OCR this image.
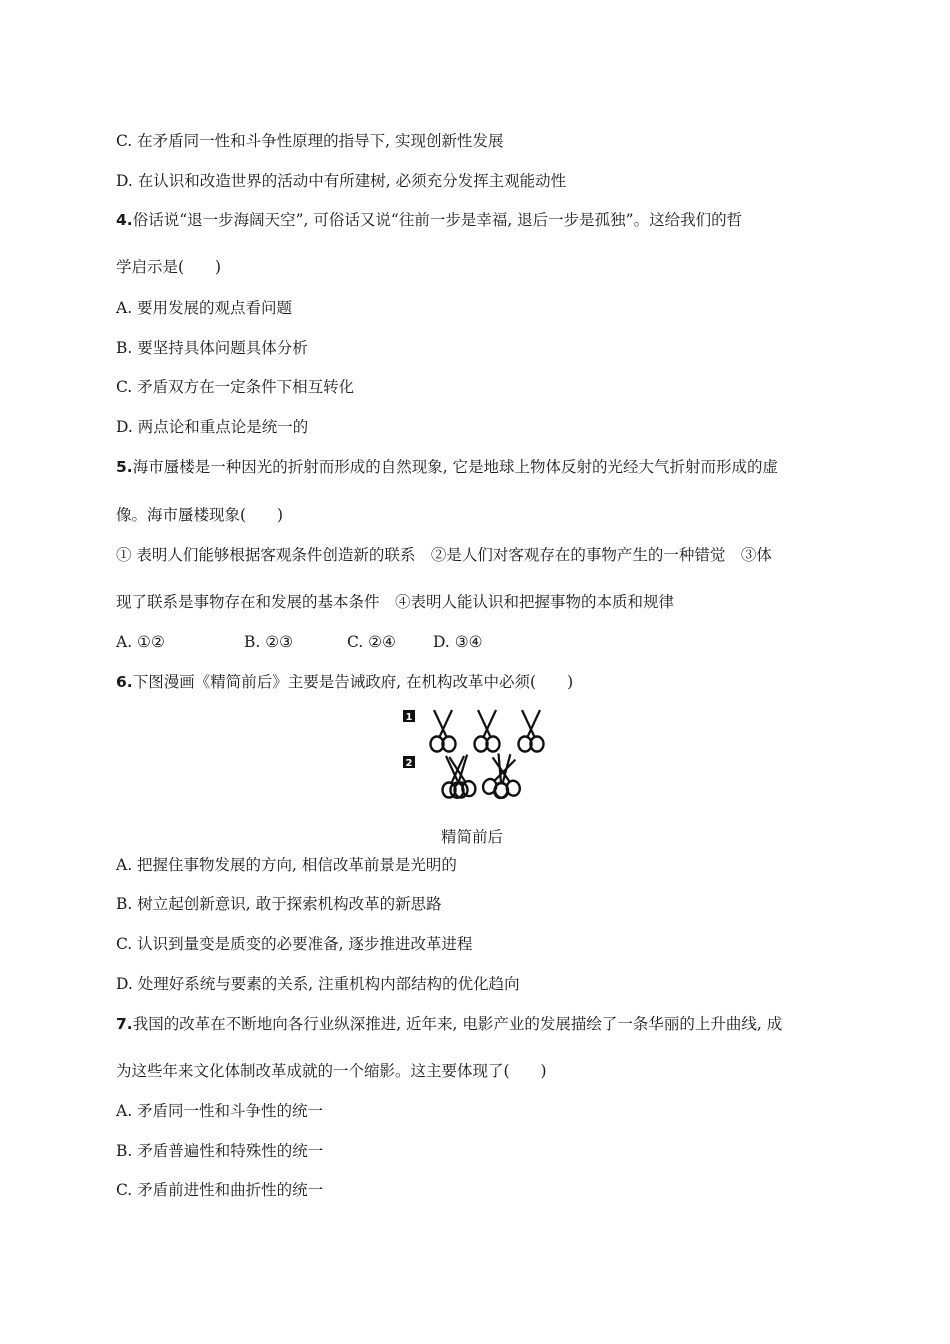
C. 在矛盾同一性和斗争性原理的指导下, 实现创新性发展
D. 在认识和改造世界的活动中有所建树, 必须充分发挥主观能动性
4.俗话说“退一步海阔天空”, 可俗话又说“往前一步是幸福, 退后一步是孤独”。这给我们的哲
学启示是(　　)
A. 要用发展的观点看问题
B. 要坚持具体问题具体分析
C. 矛盾双方在一定条件下相互转化
D. 两点论和重点论是统一的
5.海市蜃楼是一种因光的折射而形成的自然现象, 它是地球上物体反射的光经大气折射而形成的虚
像。海市蜃楼现象(　　)
① 表明人们能够根据客观条件创造新的联系　②是人们对客观存在的事物产生的一种错觉　③体
现了联系是事物存在和发展的基本条件　④表明人能认识和把握事物的本质和规律
A. ①②	B. ②③	C. ②④ D. ③④
6.下图漫画《精简前后》主要是告诫政府, 在机构改革中必须(　　)
1
2
精简前后
A. 把握住事物发展的方向, 相信改革前景是光明的
B. 树立起创新意识, 敢于探索机构改革的新思路
C. 认识到量变是质变的必要准备, 逐步推进改革进程
D. 处理好系统与要素的关系, 注重机构内部结构的优化趋向
7.我国的改革在不断地向各行业纵深推进, 近年来, 电影产业的发展描绘了一条华丽的上升曲线, 成
为这些年来文化体制改革成就的一个缩影。这主要体现了(　　)
A. 矛盾同一性和斗争性的统一
B. 矛盾普遍性和特殊性的统一
C. 矛盾前进性和曲折性的统一
